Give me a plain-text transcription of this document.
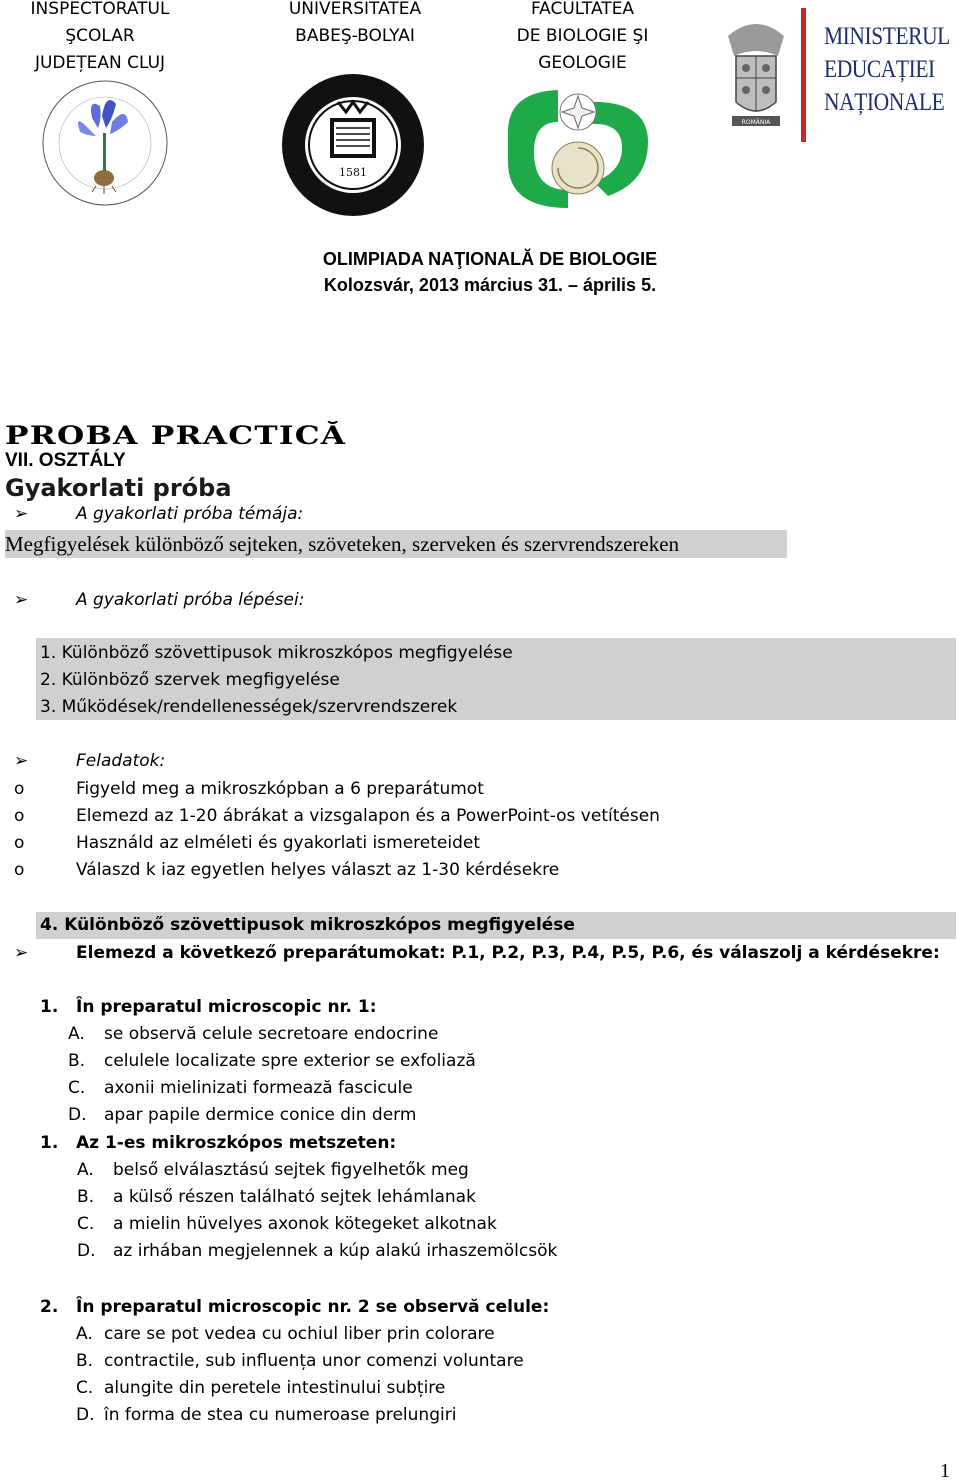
INSPECTORATUL
ŞCOLAR
JUDEȚEAN CLUJ
UNIVERSITATEA
BABEŞ-BOLYAI
FACULTATEA
DE BIOLOGIE ŞI
GEOLOGIE
1581
ROMÂNIA
MINISTERUL
EDUCAȚIEI
NAȚIONALE
OLIMPIADA NAŢIONALĂ DE BIOLOGIE
Kolozsvár, 2013 március 31. – április 5.
PROBA PRACTICĂ
VII. OSZTÁLY
Gyakorlati próba
➢	A gyakorlati próba témája:
Megfigyelések különböző sejteken, szöveteken, szerveken és szervrendszereken
➢	A gyakorlati próba lépései:
1. Különböző szövettipusok mikroszkópos megfigyelése
2. Különböző szervek megfigyelése
3. Működések/rendellenességek/szervrendszerek
➢	Feladatok:
o	Figyeld meg a mikroszkópban a 6 preparátumot
o	Elemezd az 1-20 ábrákat a vizsgalapon és a PowerPoint-os vetítésen
o	Használd az elméleti és gyakorlati ismereteidet
o	Válaszd k iaz egyetlen helyes választ az 1-30 kérdésekre
4. Különböző szövettipusok mikroszkópos megfigyelése
➢	Elemezd a következő preparátumokat: P.1, P.2, P.3, P.4, P.5, P.6, és válaszolj a kérdésekre:
1. În preparatul microscopic nr. 1:
A. se observă celule secretoare endocrine
B. celulele localizate spre exterior se exfoliază
C. axonii mielinizati formează fascicule
D. apar papile dermice conice din derm
1. Az 1-es mikroszkópos metszeten:
A. belső elválasztású sejtek figyelhetők meg
B. a külső részen található sejtek lehámlanak
C. a mielin hüvelyes axonok kötegeket alkotnak
D. az irhában megjelennek a kúp alakú irhaszemölcsök
2. În preparatul microscopic nr. 2 se observă celule:
A. care se pot vedea cu ochiul liber prin colorare
B. contractile, sub influența unor comenzi voluntare
C. alungite din peretele intestinului subțire
D. în forma de stea cu numeroase prelungiri
1
